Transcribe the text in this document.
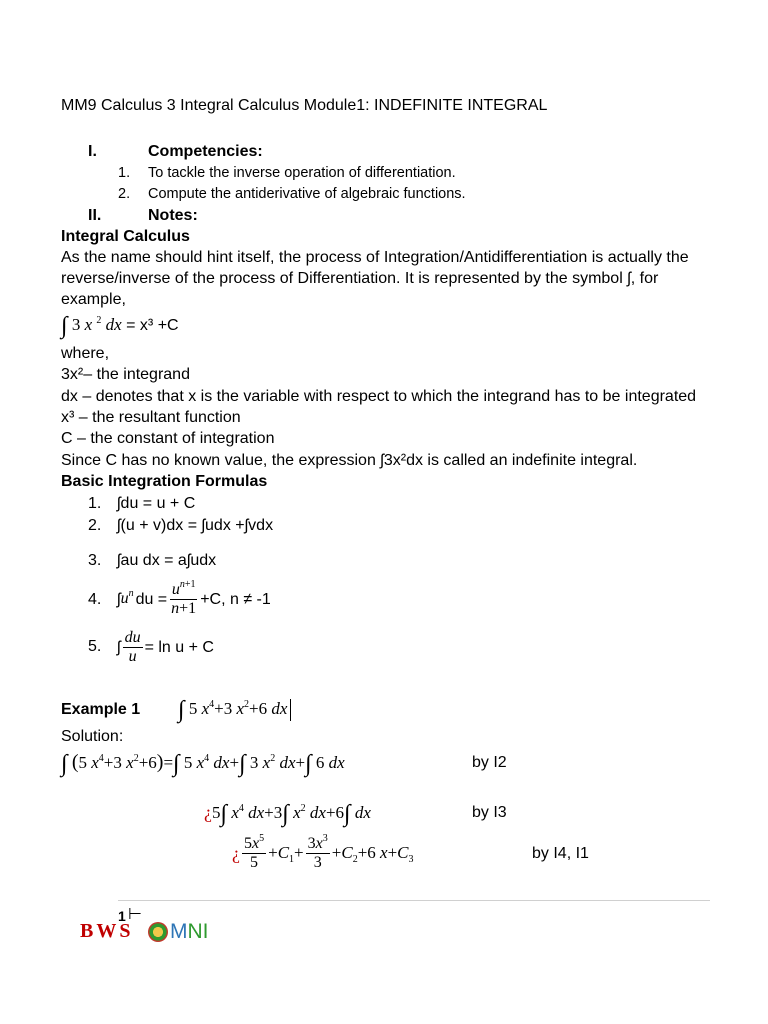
MM9 Calculus 3 Integral Calculus Module1: INDEFINITE INTEGRAL
I.	Competencies:
1. To tackle the inverse operation of differentiation.
2. Compute the antiderivative of algebraic functions.
II.	Notes:
Integral Calculus
As the name should hint itself, the process of Integration/Antidifferentiation is actually the
reverse/inverse of the process of Differentiation. It is represented by the symbol ʃ, for
example,
∫ 3 x $^2$ dx = x³ +C
where,
3x²– the integrand
dx – denotes that x is the variable with respect to which the integrand has to be integrated
x³ – the resultant function
C – the constant of integration
Since C has no known value, the expression ʃ3x²dx is called an indefinite integral.
Basic Integration Formulas
1. ʃdu = u + C
2. ʃ(u + v)dx = ʃudx +ʃvdx
3. ʃau dx = aʃudx
4. ʃ $u^n$ du = $\frac{u^{n+1}}{n+1} +C$, n ≠ -1
5. ʃ $\frac{du}{u} = \ln u + C$
Example 1 ∫ 5 $x^4+3$ $x^2+6$ dx
Solution:
∫ (5 $x^4+3$ $x^2+6)=\int$ 5 $x^4$ dx+∫ 3 $x^2$ dx+∫ 6 dx	by I2
¿5∫ $x^4$ dx+3∫ $x^2$ dx+6∫ dx	by I3
¿ $\frac{5x^5}{5} +C_1+ \frac{3x^3}{3} +C_2+6$ $x+C_3$	by I4, I1
1 ⊢
BWS M N I
